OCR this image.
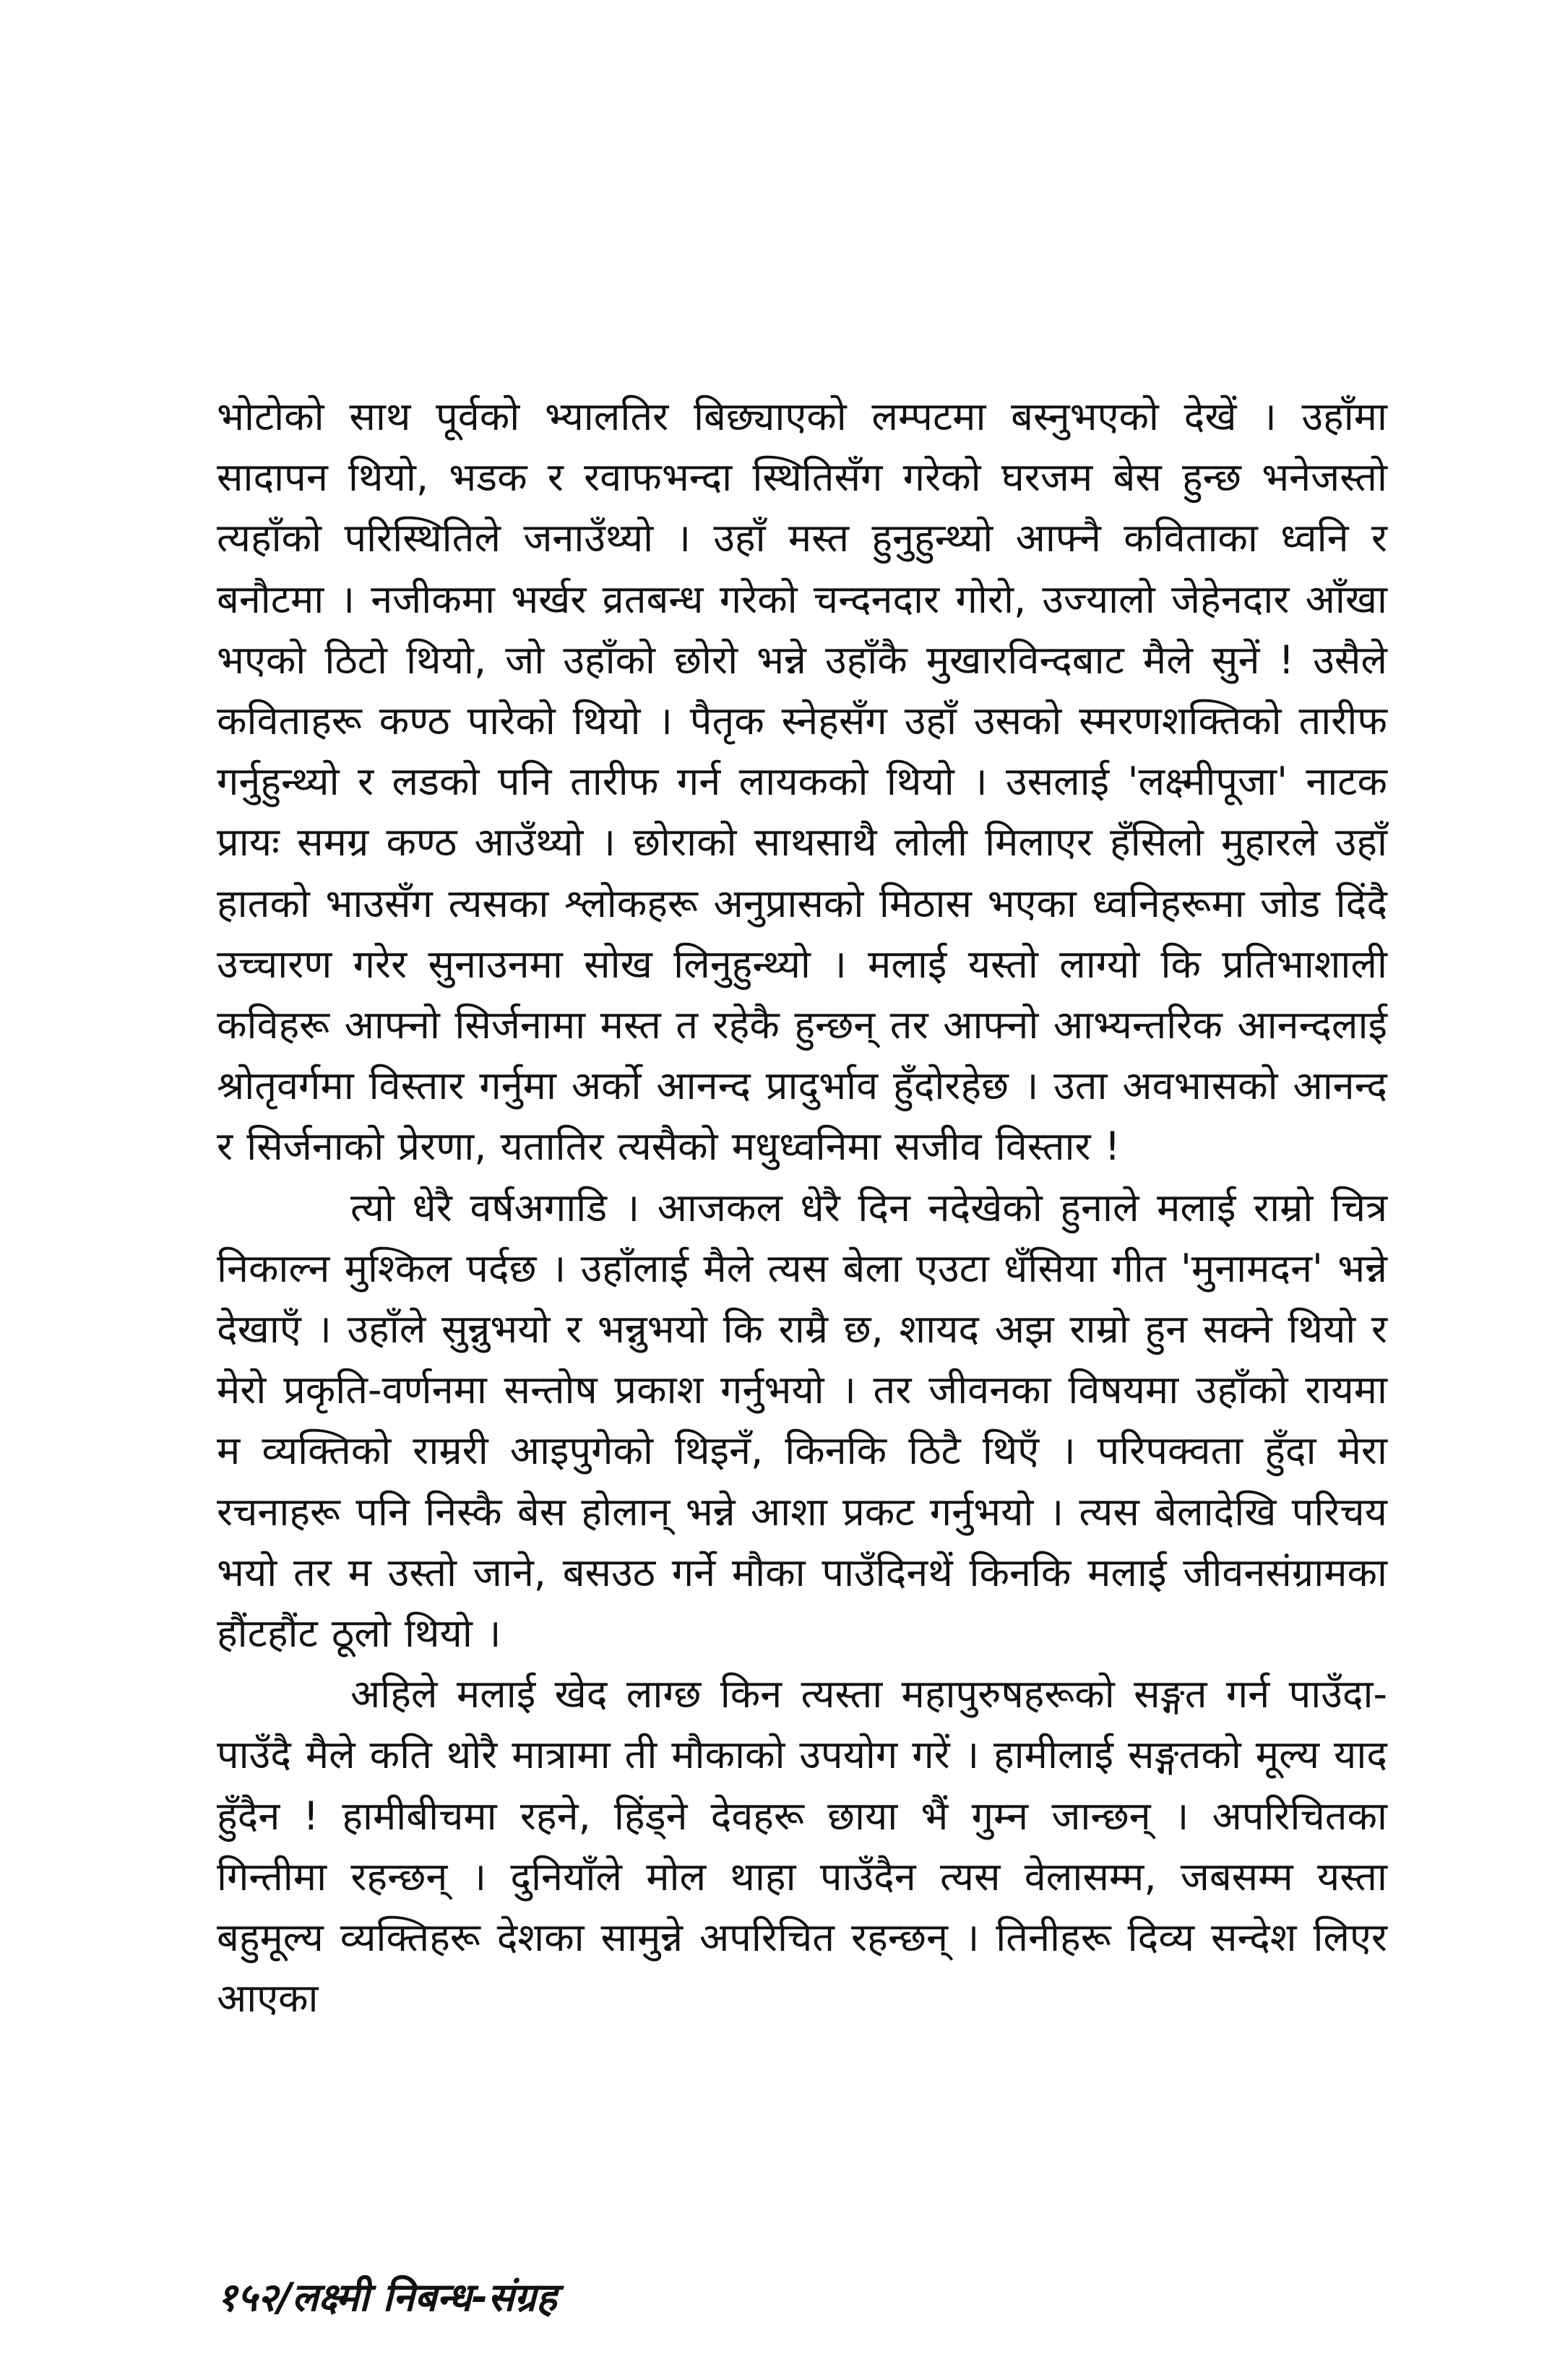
भोटोको साथ पूर्वको भ्यालतिर बिछ्याएको लम्पटमा बस्नुभएको देखें । उहाँमा सादापन थियो, भडक र रवाफभन्दा स्थितिसँग गरेको घरजम बेस हुन्छ भनेजस्तो त्यहाँको परिस्थितिले जनाउँथ्यो । उहाँ मस्त हुनुहुन्थ्यो आफ्नै कविताका ध्वनि र बनौटमा । नजीकमा भर्खर व्रतबन्ध गरेको चन्दनदार गोरो, उज्यालो जेहेनदार आँखा भएको ठिटो थियो, जो उहाँको छोरो भन्ने उहाँकै मुखारविन्दबाट मैले सुनें ! उसैले कविताहरू कण्ठ पारेको थियो । पैतृक स्नेहसँग उहाँ उसको स्मरणशक्तिको तारीफ गर्नुहुन्थ्यो र लडको पनि तारीफ गर्न लायकको थियो । उसलाई 'लक्ष्मीपूजा' नाटक प्रायः समग्र कण्ठ आउँथ्यो । छोराको साथसाथै लोली मिलाएर हँसिलो मुहारले उहाँ हातको भाउसँग त्यसका श्लोकहरू अनुप्रासको मिठास भएका ध्वनिहरूमा जोड दिंदै उच्चारण गरेर सुनाउनमा सोख लिनुहुन्थ्यो । मलाई यस्तो लाग्यो कि प्रतिभाशाली कविहरू आफ्नो सिर्जनामा मस्त त रहेकै हुन्छन् तर आफ्नो आभ्यन्तरिक आनन्दलाई श्रोतृवर्गमा विस्तार गर्नुमा अर्को आनन्द प्रादुर्भाव हुँदोरहेछ । उता अवभासको आनन्द र सिर्जनाको प्रेरणा, यतातिर त्यसैको मधुध्वनिमा सजीव विस्तार !

त्यो धेरै वर्षअगाडि । आजकल धेरै दिन नदेखेको हुनाले मलाई राम्रो चित्र निकाल्न मुश्किल पर्दछ । उहाँलाई मैले त्यस बेला एउटा धँसिया गीत 'मुनामदन' भन्ने देखाएँ । उहाँले सुन्नुभयो र भन्नुभयो कि राम्रै छ, शायद अझ राम्रो हुन सक्ने थियो र मेरो प्रकृति-वर्णनमा सन्तोष प्रकाश गर्नुभयो । तर जीवनका विषयमा उहाँको रायमा म व्यक्तिको राम्ररी आइपुगेको थिइनँ, किनकि ठिटै थिएँ । परिपक्वता हुँदा मेरा रचनाहरू पनि निस्कै बेस होलान् भन्ने आशा प्रकट गर्नुभयो । त्यस बेलादेखि परिचय भयो तर म उस्तो जाने, बसउठ गर्ने मौका पाउँदिनथें किनकि मलाई जीवनसंग्रामका हौंटहौंट ठूलो थियो ।

अहिले मलाई खेद लाग्छ किन त्यस्ता महापुरुषहरूको सङ्गत गर्न पाउँदा-पाउँदै मैले कति थोरै मात्रामा ती मौकाको उपयोग गरें । हामीलाई सङ्गतको मूल्य याद हुँदैन ! हामीबीचमा रहने, हिंड्ने देवहरू छाया भैं गुम्न जान्छन् । अपरिचितका गिन्तीमा रहन्छन् । दुनियाँले मोल थाहा पाउँदैन त्यस वेलासम्म, जबसम्म यस्ता बहुमूल्य व्यक्तिहरू देशका सामुन्ने अपरिचित रहन्छन् । तिनीहरू दिव्य सन्देश लिएर आएका

१५२/लक्ष्मी निबन्ध-संग्रह
